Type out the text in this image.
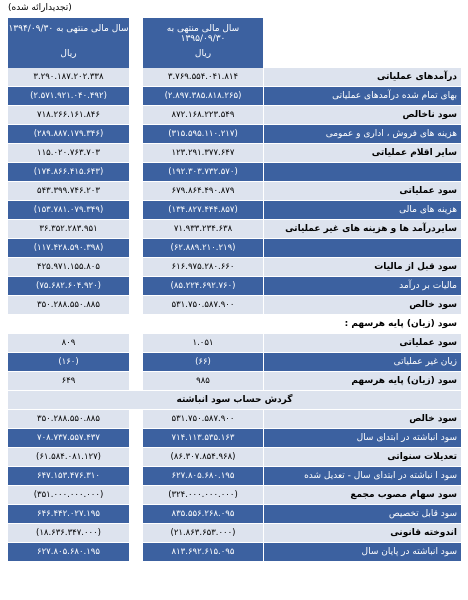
(تجدیدارائه شده)
سال مالی منتهی به ۱۳۹۵/۰۹/۳۰
ریال
سال مالی منتهی به ۱۳۹۴/۰۹/۳۰
ریال
درآمدهای عملیاتی
۳.۷۶۹.۵۵۴.۰۴۱.۸۱۴
۳.۲۹۰.۱۸۷.۲۰۲.۳۳۸
بهای تمام شده درآمدهای عملیاتی
(۲.۸۹۷.۳۸۵.۸۱۸.۲۶۵)
(۲.۵۷۱.۹۲۱.۰۴۰.۴۹۲)
سود ناخالص
۸۷۲.۱۶۸.۲۲۳.۵۴۹
۷۱۸.۲۶۶.۱۶۱.۸۴۶
هزینه های فروش ، اداری و عمومی
(۳۱۵.۵۹۵.۱۱۰.۲۱۷)
(۲۸۹.۸۸۷.۱۷۹.۳۴۶)
سایر اقلام عملیاتی
۱۲۳.۲۹۱.۳۷۷.۶۴۷
۱۱۵.۰۲۰.۷۶۳.۷۰۳
(۱۹۲.۳۰۳.۷۳۲.۵۷۰)
(۱۷۴.۸۶۶.۴۱۵.۶۴۳)
سود عملیاتی
۶۷۹.۸۶۴.۴۹۰.۸۷۹
۵۴۳.۳۹۹.۷۴۶.۲۰۳
هزینه های مالی
(۱۳۴.۸۲۷.۴۴۴.۸۵۷)
(۱۵۳.۷۸۱.۰۷۹.۳۴۹)
سایردرآمد ها و هزینه های غیر عملیاتی
۷۱.۹۳۳.۲۳۴.۶۳۸
۳۶.۳۵۲.۲۸۳.۹۵۱
(۶۲.۸۸۹.۲۱۰.۲۱۹)
(۱۱۷.۴۲۸.۵۹۰.۳۹۸)
سود قبل از مالیات
۶۱۶.۹۷۵.۲۸۰.۶۶۰
۴۲۵.۹۷۱.۱۵۵.۸۰۵
مالیات بر درآمد
(۸۵.۲۲۴.۶۹۲.۷۶۰)
(۷۵.۶۸۲.۶۰۴.۹۲۰)
سود خالص
۵۳۱.۷۵۰.۵۸۷.۹۰۰
۳۵۰.۲۸۸.۵۵۰.۸۸۵
سود (زیان) پایه هرسهم :
سود عملیاتی
۱.۰۵۱
۸۰۹
زیان غیر عملیاتی
(۶۶)
(۱۶۰)
سود (زیان) پایه هرسهم
۹۸۵
۶۴۹
گردش حساب سود انباشته
سود خالص
۵۳۱.۷۵۰.۵۸۷.۹۰۰
۳۵۰.۲۸۸.۵۵۰.۸۸۵
سود انباشته در ابتدای سال
۷۱۴.۱۱۳.۵۳۵.۱۶۳
۷۰۸.۷۳۷.۵۵۷.۴۳۷
تعدیلات سنواتی
(۸۶.۳۰۷.۸۵۴.۹۶۸)
(۶۱.۵۸۴.۰۸۱.۱۲۷)
سود ا نباشته در ابتدای سال - تعدیل شده
۶۲۷.۸۰۵.۶۸۰.۱۹۵
۶۴۷.۱۵۳.۴۷۶.۳۱۰
سود سهام مصوب مجمع
(۳۲۴.۰۰۰.۰۰۰.۰۰۰)
(۳۵۱.۰۰۰.۰۰۰.۰۰۰)
سود قابل تخصیص
۸۳۵.۵۵۶.۲۶۸.۰۹۵
۶۴۶.۴۴۲.۰۲۷.۱۹۵
اندوخته قانونی
(۲۱.۸۶۳.۶۵۳.۰۰۰)
(۱۸.۶۳۶.۳۴۷.۰۰۰)
سود انباشته در پایان سال
۸۱۳.۶۹۲.۶۱۵.۰۹۵
۶۲۷.۸۰۵.۶۸۰.۱۹۵
